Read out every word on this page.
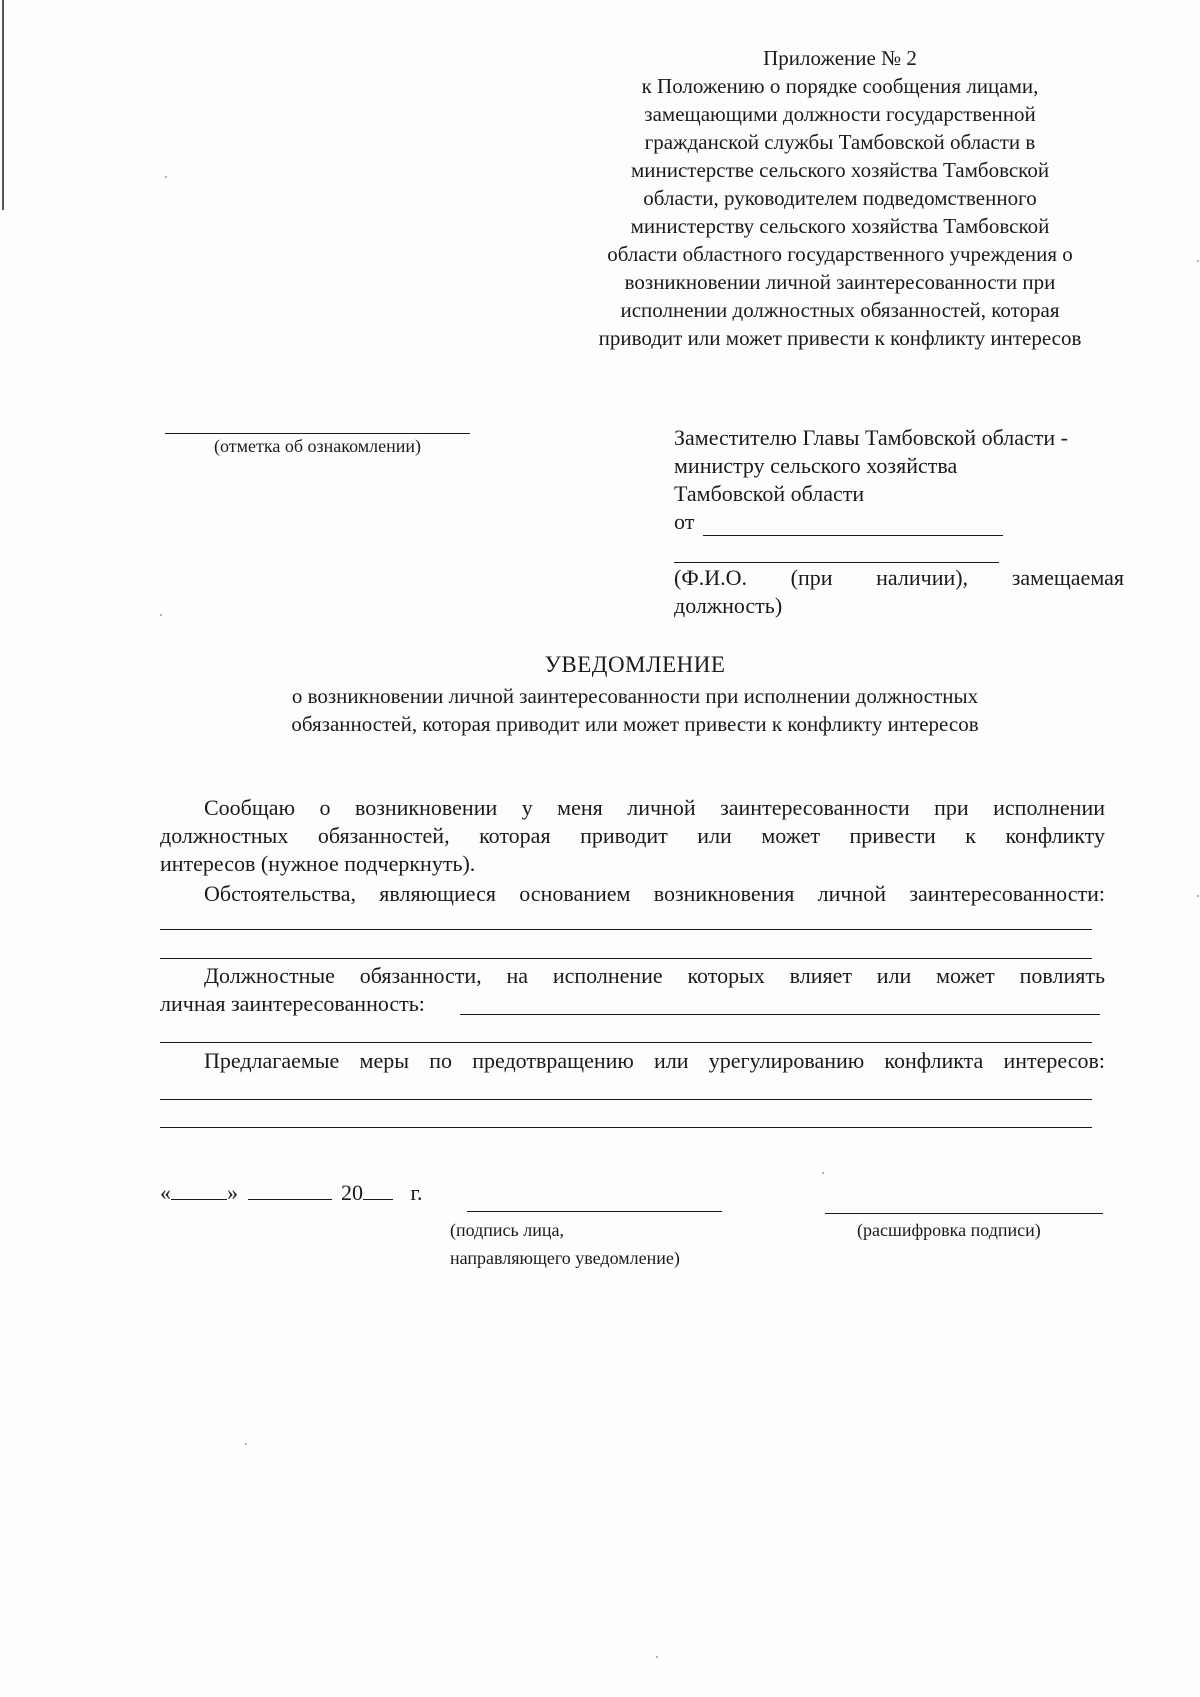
Приложение № 2
к Положению о порядке сообщения лицами,
замещающими должности государственной
гражданской службы Тамбовской области в
министерстве сельского хозяйства Тамбовской
области, руководителем подведомственного
министерству сельского хозяйства Тамбовской
области областного государственного учреждения о
возникновении личной заинтересованности при
исполнении должностных обязанностей, которая
приводит или может привести к конфликту интересов
(отметка об ознакомлении)	Заместителю Главы Тамбовской области -
министру сельского хозяйства
Тамбовской области
от
(Ф.И.О. (при наличии), замещаемая
должность)
УВЕДОМЛЕНИЕ
о возникновении личной заинтересованности при исполнении должностных
обязанностей, которая приводит или может привести к конфликту интересов
Сообщаю о возникновении у меня личной заинтересованности при исполнении
должностных обязанностей, которая приводит или может привести к конфликту
интересов (нужное подчеркнуть).
Обстоятельства, являющиеся основанием возникновения личной заинтересованности:
Должностные обязанности, на исполнение которых влияет или может повлиять
личная заинтересованность:
Предлагаемые меры по предотвращению или урегулированию конфликта интересов:
«	»	20 г.
(подпись лица,
направляющего уведомление)
(расшифровка подписи)
